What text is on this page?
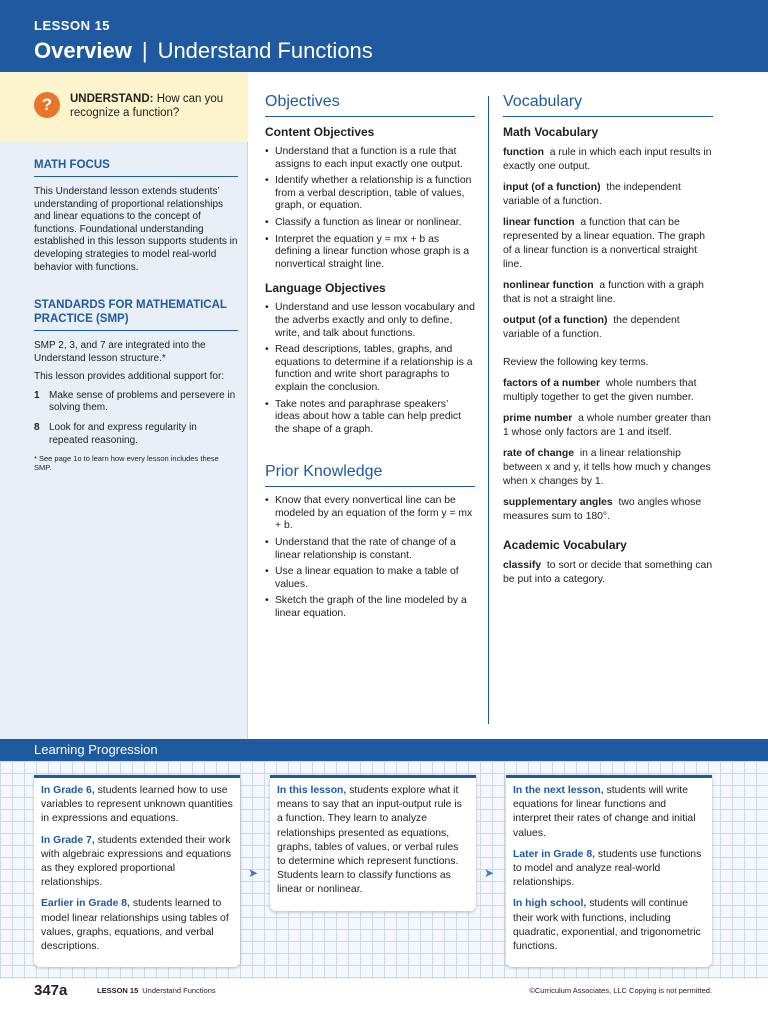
LESSON 15
Overview | Understand Functions
?	UNDERSTAND: How can you recognize a function?
MATH FOCUS
This Understand lesson extends students’ understanding of proportional relationships and linear equations to the concept of functions. Foundational understanding established in this lesson supports students in developing strategies to model real-world behavior with functions.
STANDARDS FOR MATHEMATICAL PRACTICE (SMP)
SMP 2, 3, and 7 are integrated into the Understand lesson structure.*
This lesson provides additional support for:
1 Make sense of problems and persevere in solving them.
8 Look for and express regularity in repeated reasoning.
* See page 1o to learn how every lesson includes these SMP.
Objectives
Content Objectives
• Understand that a function is a rule that assigns to each input exactly one output.
• Identify whether a relationship is a function from a verbal description, table of values, graph, or equation.
• Classify a function as linear or nonlinear.
• Interpret the equation y = mx + b as defining a linear function whose graph is a nonvertical straight line.
Language Objectives
• Understand and use lesson vocabulary and the adverbs exactly and only to define, write, and talk about functions.
• Read descriptions, tables, graphs, and equations to determine if a relationship is a function and write short paragraphs to explain the conclusion.
• Take notes and paraphrase speakers’ ideas about how a table can help predict the shape of a graph.
Prior Knowledge
• Know that every nonvertical line can be modeled by an equation of the form y = mx + b.
• Understand that the rate of change of a linear relationship is constant.
• Use a linear equation to make a table of values.
• Sketch the graph of the line modeled by a linear equation.
Vocabulary
Math Vocabulary
function a rule in which each input results in exactly one output.
input (of a function) the independent variable of a function.
linear function a function that can be represented by a linear equation. The graph of a linear function is a nonvertical straight line.
nonlinear function a function with a graph that is not a straight line.
output (of a function) the dependent variable of a function.
Review the following key terms.
factors of a number whole numbers that multiply together to get the given number.
prime number a whole number greater than 1 whose only factors are 1 and itself.
rate of change in a linear relationship between x and y, it tells how much y changes when x changes by 1.
supplementary angles two angles whose measures sum to 180°.
Academic Vocabulary
classify to sort or decide that something can be put into a category.
Learning Progression

In Grade 6, students learned how to use variables to represent unknown quantities in expressions and equations.

In Grade 7, students extended their work with algebraic expressions and equations as they explored proportional relationships.

Earlier in Grade 8, students learned to model linear relationships using tables of values, graphs, equations, and verbal descriptions.

In this lesson, students explore what it means to say that an input-output rule is a function. They learn to analyze relationships presented as equations, graphs, tables of values, or verbal rules to determine which represent functions. Students learn to classify functions as linear or nonlinear.

In the next lesson, students will write equations for linear functions and interpret their rates of change and initial values.

Later in Grade 8, students use functions to model and analyze real-world relationships.

In high school, students will continue their work with functions, including quadratic, exponential, and trigonometric functions.

➤	➤
347a	LESSON 15 Understand Functions	©Curriculum Associates, LLC Copying is not permitted.
